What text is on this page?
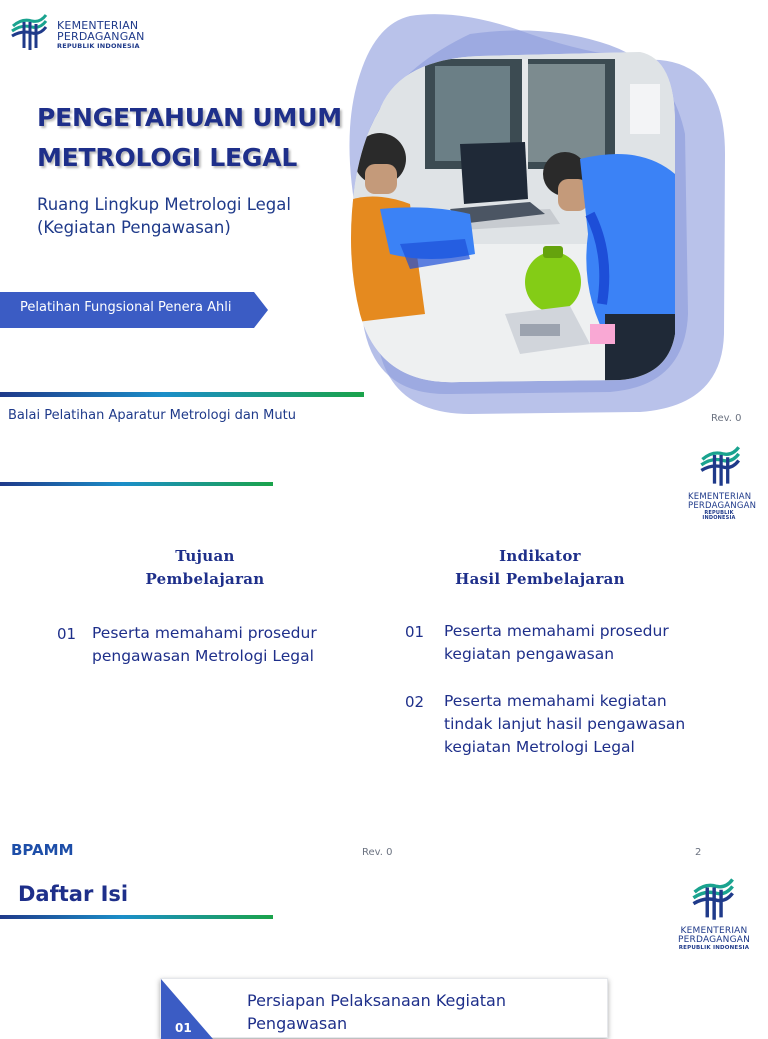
KEMENTERIAN
PERDAGANGAN
REPUBLIK INDONESIA
PENGETAHUAN UMUM METROLOGI LEGAL
Ruang Lingkup Metrologi Legal (Kegiatan Pengawasan)
Pelatihan Fungsional Penera Ahli
Balai Pelatihan Aparatur Metrologi dan Mutu	Rev. 0
KEMENTERIAN
PERDAGANGAN
REPUBLIK INDONESIA
Tujuan
Pembelajaran
01 Peserta memahami prosedur
pengawasan Metrologi Legal
Indikator
Hasil Pembelajaran
01 Peserta memahami prosedur
kegiatan pengawasan
02 Peserta memahami kegiatan
tindak lanjut hasil pengawasan
kegiatan Metrologi Legal
BPAMM	Rev. 0	2
Daftar Isi
KEMENTERIAN
PERDAGANGAN
REPUBLIK INDONESIA
01
Persiapan Pelaksanaan Kegiatan Pengawasan
